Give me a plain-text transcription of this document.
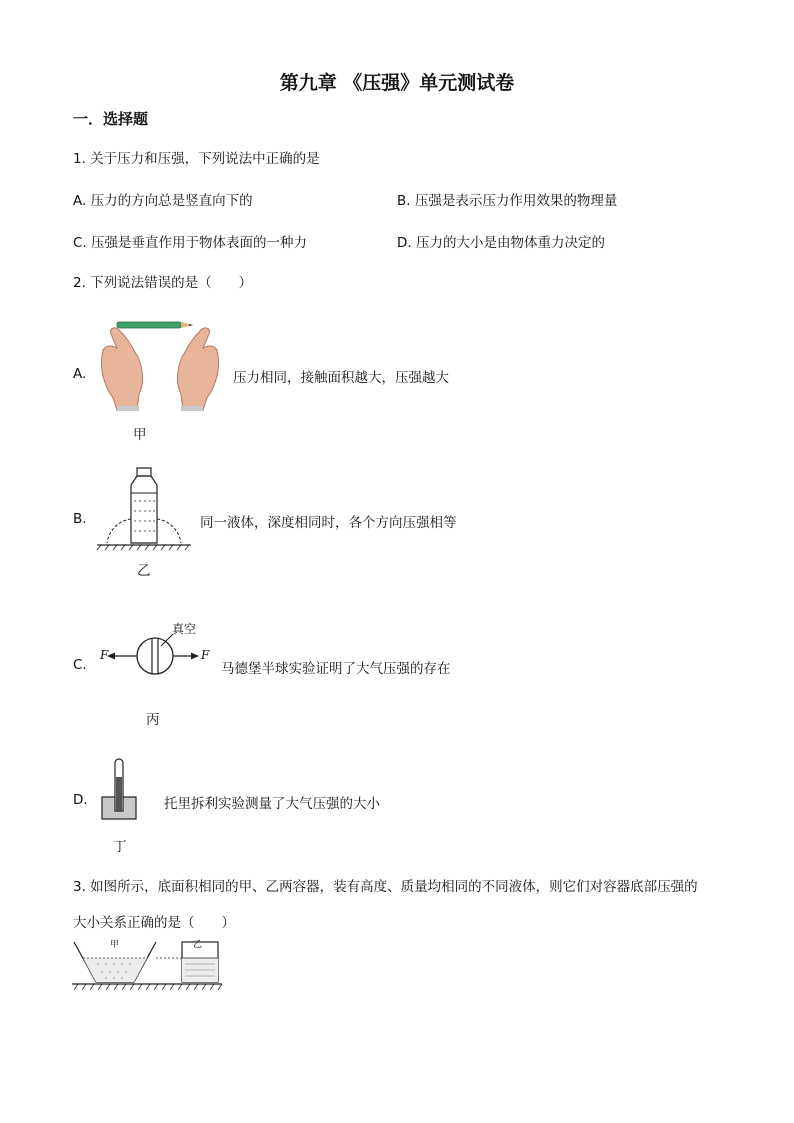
第九章 《压强》单元测试卷
一．选择题
1. 关于压力和压强，下列说法中正确的是
A. 压力的方向总是竖直向下的	B. 压强是表示压力作用效果的物理量
C. 压强是垂直作用于物体表面的一种力	D. 压力的大小是由物体重力决定的
2. 下列说法错误的是（　　）
A.	压力相同，接触面积越大，压强越大
甲
B.	同一液体，深度相同时，各个方向压强相等
乙
C.
F	F
真空
马德堡半球实验证明了大气压强的存在
丙
D.	托里拆利实验测量了大气压强的大小
丁
3. 如图所示，底面积相同的甲、乙两容器，装有高度、质量均相同的不同液体，则它们对容器底部压强的
大小关系正确的是（　　）
甲	乙
